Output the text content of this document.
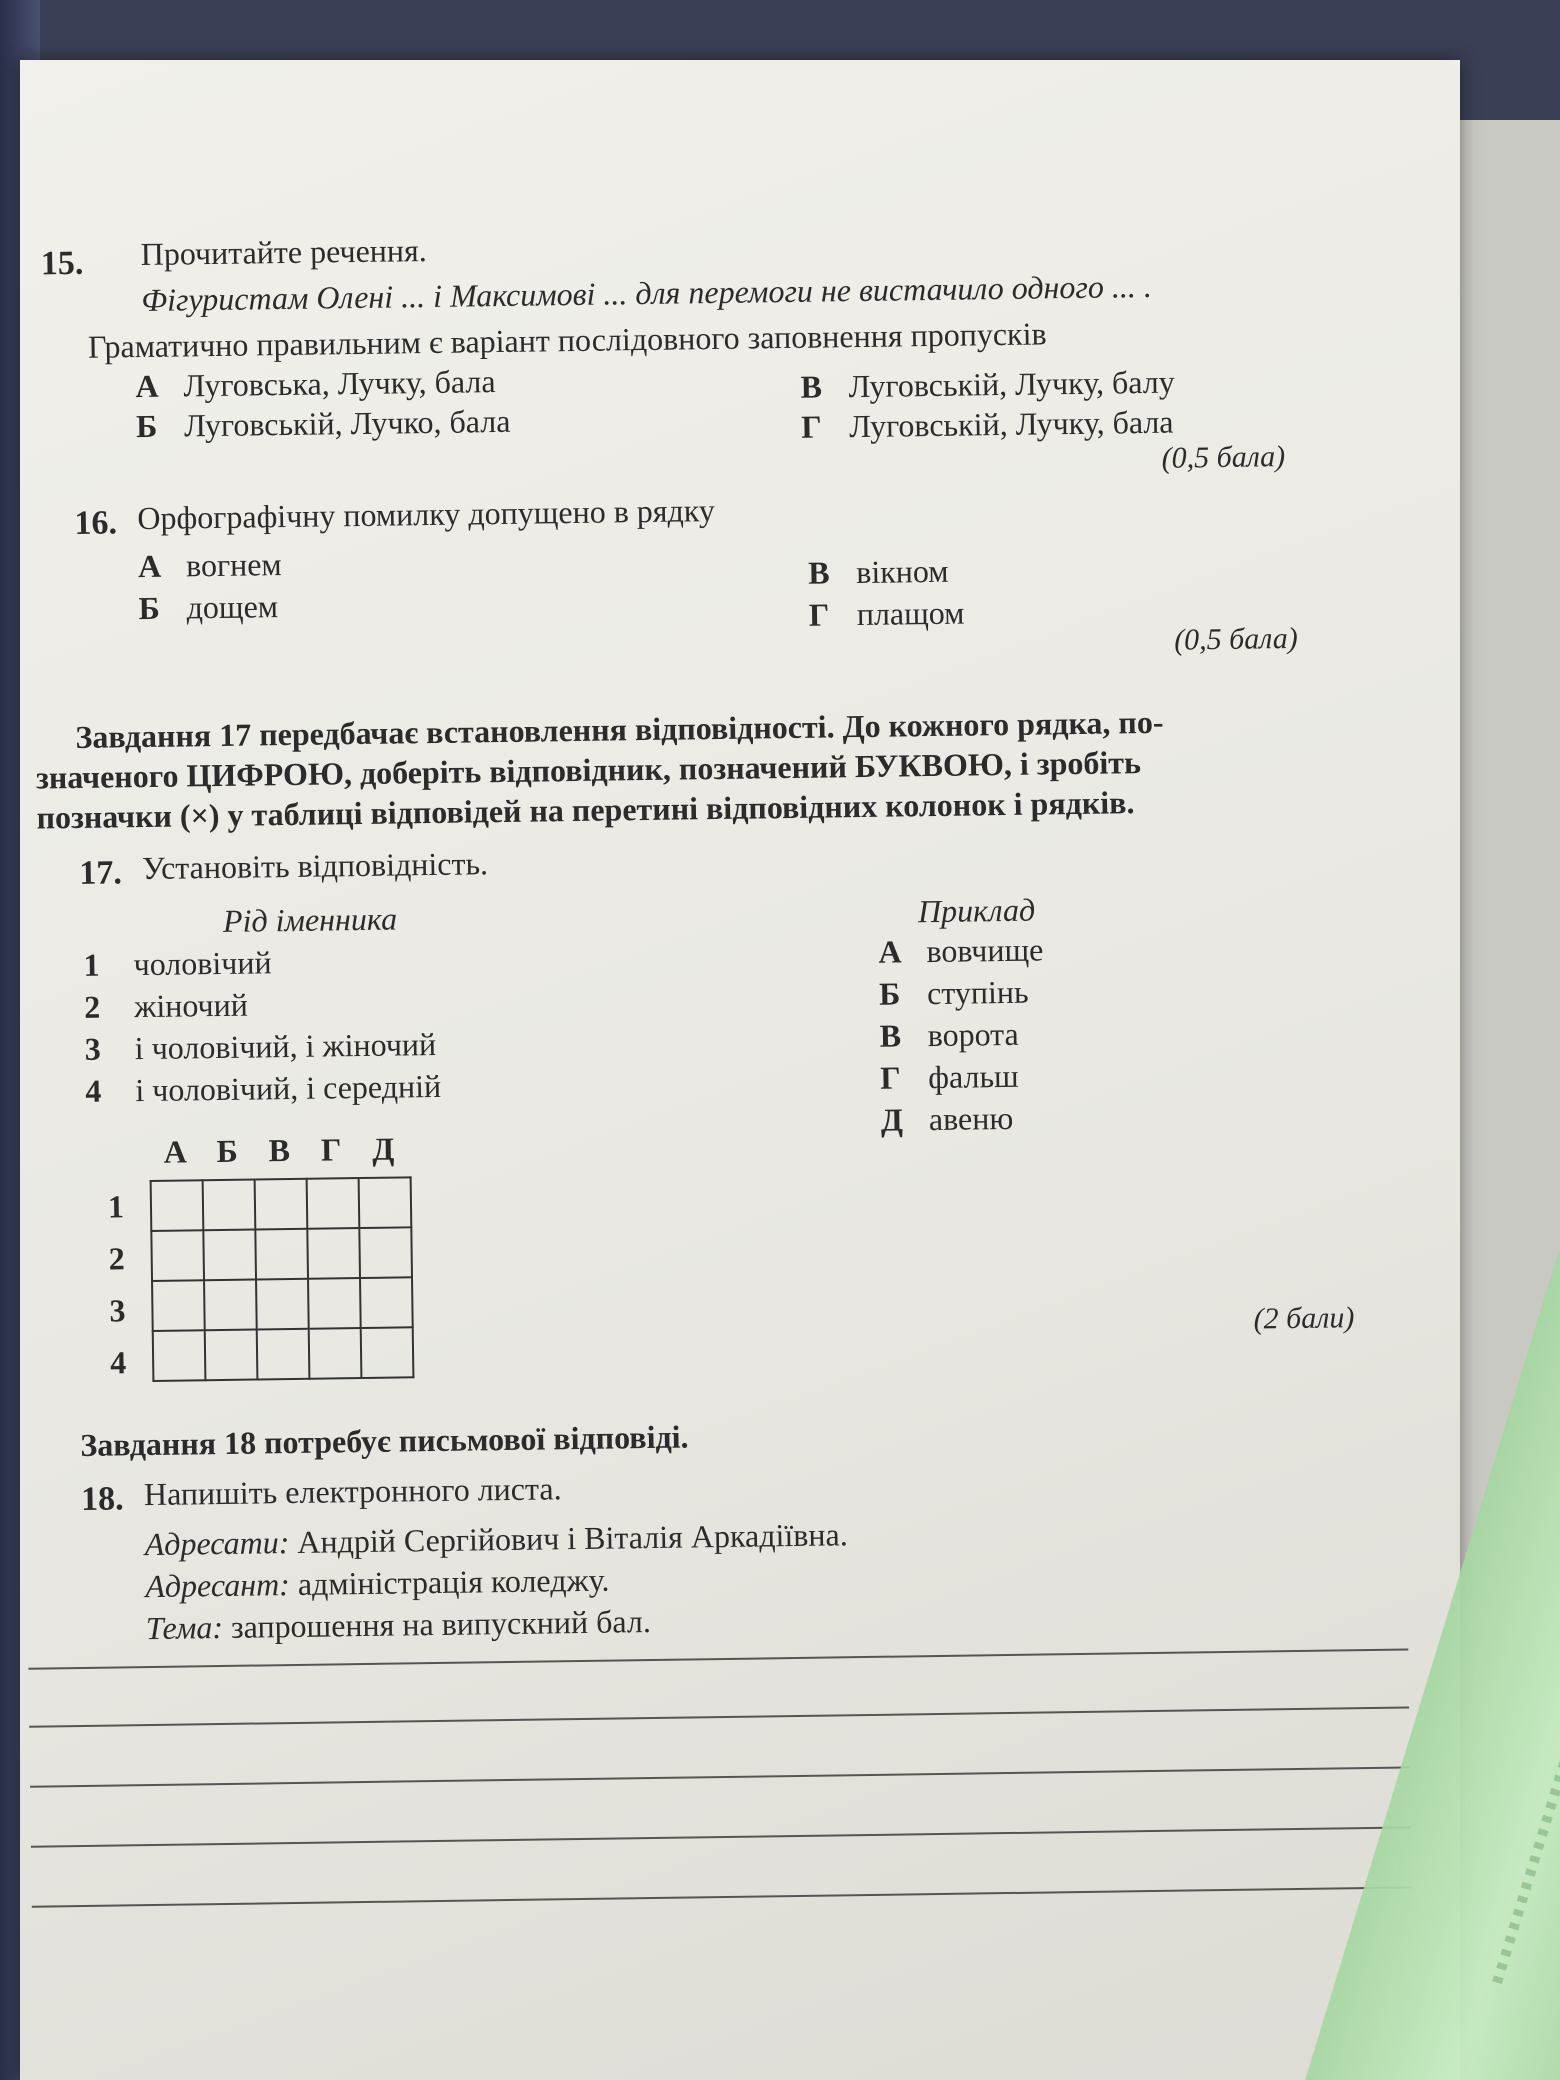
15. Прочитайте речення.
Фігуристам Олені ... і Максимові ... для перемоги не вистачило одного ... .
Граматично правильним є варіант послідовного заповнення пропусків
А Луговська, Лучку, бала
Б Луговській, Лучко, бала
В Луговській, Лучку, балу
Г Луговській, Лучку, бала
(0,5 бала)
16. Орфографічну помилку допущено в рядку
А вогнем
Б дощем
В вікном
Г плащом
(0,5 бала)
Завдання 17 передбачає встановлення відповідності. До кожного рядка, по-
значеного ЦИФРОЮ, доберіть відповідник, позначений БУКВОЮ, і зробіть
позначки (×) у таблиці відповідей на перетині відповідних колонок і рядків.
17. Установіть відповідність.
Рід іменника	Приклад
1 чоловічий
2 жіночий
3 і чоловічий, і жіночий
4 і чоловічий, і середній
А вовчище
Б ступінь
В ворота
Г фальш
Д авеню
А Б В Г Д
1
2
3
4

(2 бали)
Завдання 18 потребує письмової відповіді.
18. Напишіть електронного листа.
Адресати: Андрій Сергійович і Віталія Аркадіївна.
Адресант: адміністрація коледжу.
Тема: запрошення на випускний бал.
